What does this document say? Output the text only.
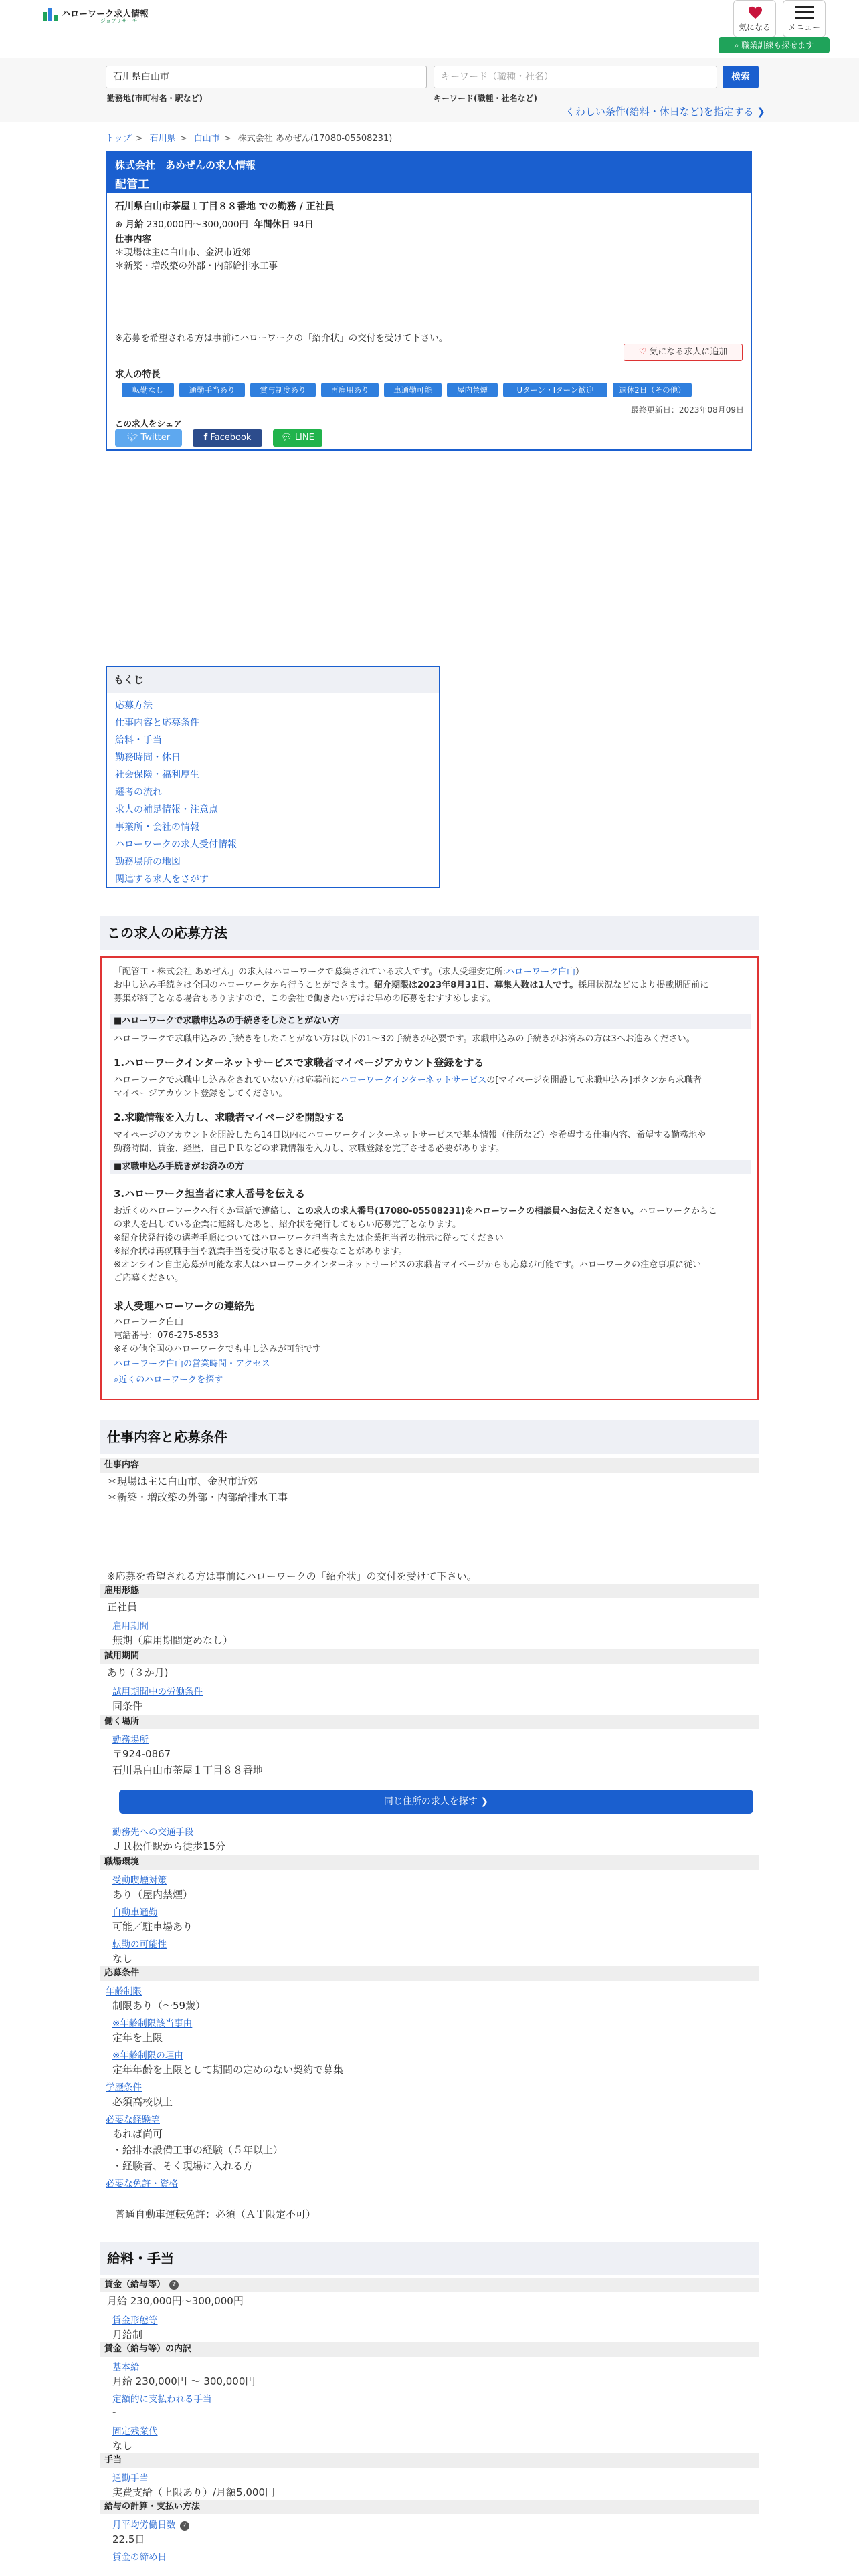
ハローワーク求人情報
ジョブリサーチ
気になる	メニュー
⌕ 職業訓練も探せます
石川県白山市	キーワード（職種・社名）	検索
勤務地(市町村名・駅など)	キーワード(職種・社名など)
くわしい条件(給料・休日など)を指定する ❯
トップ > 石川県 > 白山市 > 株式会社 あめぜん(17080-05508231)
株式会社　あめぜんの求人情報
配管工
石川県白山市茶屋１丁目８８番地 での勤務 / 正社員
⊕ 月給 230,000円〜300,000円 年間休日 94日
仕事内容
＊現場は主に白山市、金沢市近郊
＊新築・増改築の外部・内部給排水工事
※応募を希望される方は事前にハローワークの「紹介状」の交付を受けて下さい。
♡ 気になる求人に追加
求人の特長
転勤なし	通勤手当あり	賞与制度あり	再雇用あり	車通勤可能	屋内禁煙	Uターン・Iターン歓迎	週休2日（その他）
最終更新日：2023年08月09日
この求人をシェア
🐦︎ Twitter	f Facebook	💬︎ LINE
もくじ
応募方法
仕事内容と応募条件
給料・手当
勤務時間・休日
社会保険・福利厚生
選考の流れ
求人の補足情報・注意点
事業所・会社の情報
ハローワークの求人受付情報
勤務場所の地図
関連する求人をさがす
この求人の応募方法
「配管工・株式会社 あめぜん」の求人はハローワークで募集されている求人です。（求人受理安定所:ハローワーク白山）
お申し込み手続きは全国のハローワークから行うことができます。紹介期限は2023年8月31日、募集人数は1人です。採用状況などにより掲載期間前に
募集が終了となる場合もありますので、この会社で働きたい方はお早めの応募をおすすめします。
■ハローワークで求職申込みの手続きをしたことがない方
ハローワークで求職申込みの手続きをしたことがない方は以下の1〜3の手続きが必要です。求職申込みの手続きがお済みの方は3へお進みください。
1.ハローワークインターネットサービスで求職者マイページアカウント登録をする
ハローワークで求職申し込みをされていない方は応募前にハローワークインターネットサービスの[マイページを開設して求職申込み]ボタンから求職者
マイページアカウント登録をしてください。
2.求職情報を入力し、求職者マイページを開設する
マイページのアカウントを開設したら14日以内にハローワークインターネットサービスで基本情報（住所など）や希望する仕事内容、希望する勤務地や
勤務時間、賃金、経歴、自己ＰＲなどの求職情報を入力し、求職登録を完了させる必要があります。
■求職申込み手続きがお済みの方
3.ハローワーク担当者に求人番号を伝える
お近くのハローワークへ行くか電話で連絡し、この求人の求人番号(17080-05508231)をハローワークの相談員へお伝えください。ハローワークからこ
の求人を出している企業に連絡したあと、紹介状を発行してもらい応募完了となります。
※紹介状発行後の選考手順についてはハローワーク担当者または企業担当者の指示に従ってください
※紹介状は再就職手当や就業手当を受け取るときに必要なことがあります。
※オンライン自主応募が可能な求人はハローワークインターネットサービスの求職者マイページからも応募が可能です。ハローワークの注意事項に従い
ご応募ください。
求人受理ハローワークの連絡先
ハローワーク白山
電話番号：076-275-8533
※その他全国のハローワークでも申し込みが可能です
ハローワーク白山の営業時間・アクセス
⌕近くのハローワークを探す
仕事内容と応募条件
仕事内容
＊現場は主に白山市、金沢市近郊
＊新築・増改築の外部・内部給排水工事
※応募を希望される方は事前にハローワークの「紹介状」の交付を受けて下さい。
雇用形態
正社員
雇用期間
無期（雇用期間定めなし）
試用期間
あり (３か月)
試用期間中の労働条件
同条件
働く場所
勤務場所
〒924-0867
石川県白山市茶屋１丁目８８番地
同じ住所の求人を探す ❯
勤務先への交通手段
ＪＲ松任駅から徒歩15分
職場環境
受動喫煙対策
あり（屋内禁煙）
自動車通勤
可能／駐車場あり
転勤の可能性
なし
応募条件
年齢制限
制限あり（〜59歳）
※年齢制限該当事由
定年を上限
※年齢制限の理由
定年年齢を上限として期間の定めのない契約で募集
学歴条件
必須高校以上
必要な経験等
あれば尚可
・給排水設備工事の経験（５年以上）
・経験者、そく現場に入れる方
必要な免許・資格
普通自動車運転免許：必須（ＡＴ限定不可）
給料・手当
賃金（給与等） ?
月給 230,000円〜300,000円
賃金形態等
月給制
賃金（給与等）の内訳
基本給
月給 230,000円 〜 300,000円
定額的に支払われる手当
-
固定残業代
なし
手当
通勤手当
実費支給（上限あり）/月額5,000円
給与の計算・支払い方法
月平均労働日数 ?
22.5日
賃金の締め日
